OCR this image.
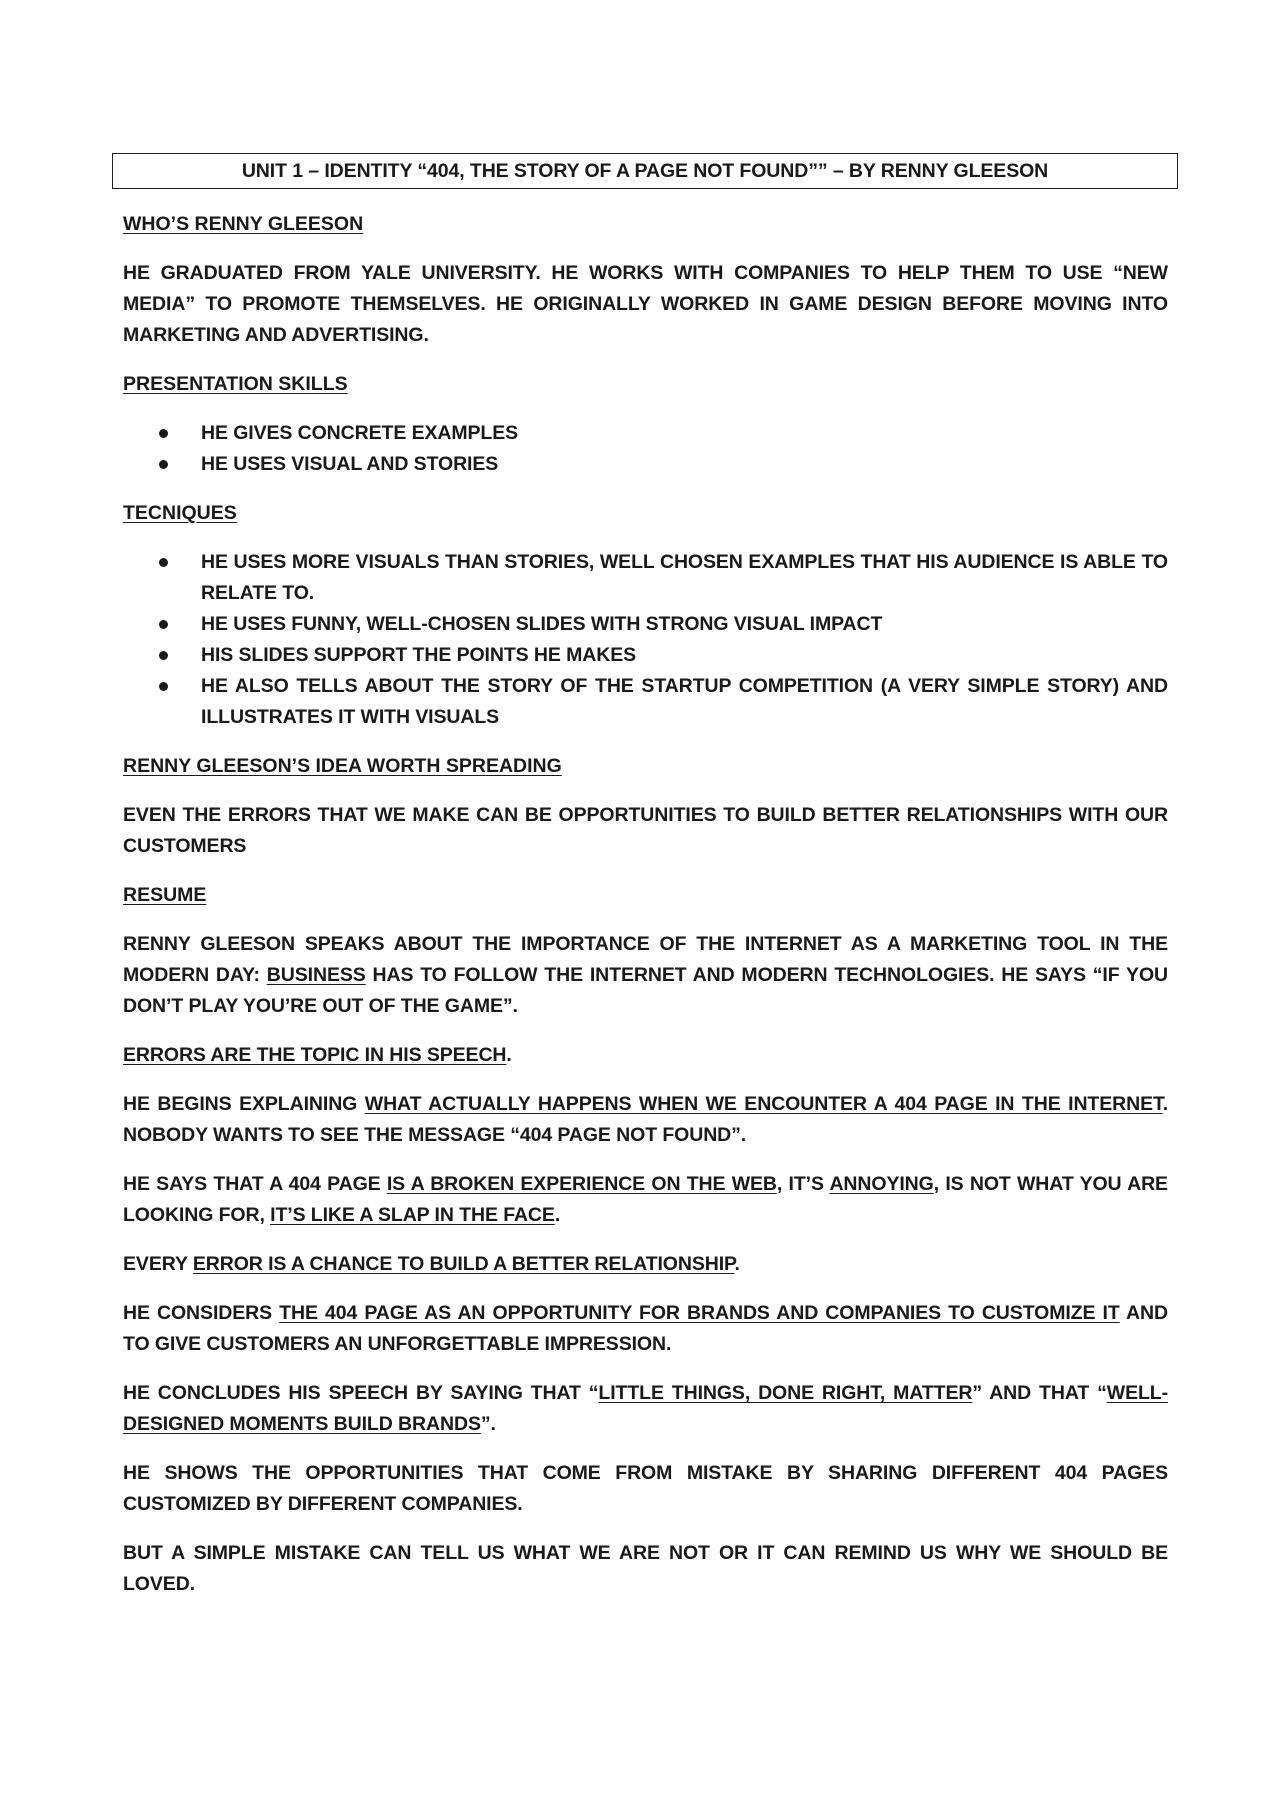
UNIT 1 – IDENTITY “404, THE STORY OF A PAGE NOT FOUND”” – BY RENNY GLEESON
WHO’S RENNY GLEESON

HE GRADUATED FROM YALE UNIVERSITY. HE WORKS WITH COMPANIES TO HELP THEM TO USE “NEW MEDIA” TO PROMOTE THEMSELVES. HE ORIGINALLY WORKED IN GAME DESIGN BEFORE MOVING INTO MARKETING AND ADVERTISING.

PRESENTATION SKILLS
HE GIVES CONCRETE EXAMPLES
HE USES VISUAL AND STORIES
TECNIQUES
HE USES MORE VISUALS THAN STORIES, WELL CHOSEN EXAMPLES THAT HIS AUDIENCE IS ABLE TO RELATE TO.
HE USES FUNNY, WELL-CHOSEN SLIDES WITH STRONG VISUAL IMPACT
HIS SLIDES SUPPORT THE POINTS HE MAKES
HE ALSO TELLS ABOUT THE STORY OF THE STARTUP COMPETITION (A VERY SIMPLE STORY) AND ILLUSTRATES IT WITH VISUALS
RENNY GLEESON’S IDEA WORTH SPREADING

EVEN THE ERRORS THAT WE MAKE CAN BE OPPORTUNITIES TO BUILD BETTER RELATIONSHIPS WITH OUR CUSTOMERS

RESUME

RENNY GLEESON SPEAKS ABOUT THE IMPORTANCE OF THE INTERNET AS A MARKETING TOOL IN THE MODERN DAY: BUSINESS HAS TO FOLLOW THE INTERNET AND MODERN TECHNOLOGIES. HE SAYS “IF YOU DON’T PLAY YOU’RE OUT OF THE GAME”.

ERRORS ARE THE TOPIC IN HIS SPEECH.

HE BEGINS EXPLAINING WHAT ACTUALLY HAPPENS WHEN WE ENCOUNTER A 404 PAGE IN THE INTERNET. NOBODY WANTS TO SEE THE MESSAGE “404 PAGE NOT FOUND”.

HE SAYS THAT A 404 PAGE IS A BROKEN EXPERIENCE ON THE WEB, IT’S ANNOYING, IS NOT WHAT YOU ARE LOOKING FOR, IT’S LIKE A SLAP IN THE FACE.

EVERY ERROR IS A CHANCE TO BUILD A BETTER RELATIONSHIP.

HE CONSIDERS THE 404 PAGE AS AN OPPORTUNITY FOR BRANDS AND COMPANIES TO CUSTOMIZE IT AND TO GIVE CUSTOMERS AN UNFORGETTABLE IMPRESSION.

HE CONCLUDES HIS SPEECH BY SAYING THAT “LITTLE THINGS, DONE RIGHT, MATTER” AND THAT “WELL-DESIGNED MOMENTS BUILD BRANDS”.

HE SHOWS THE OPPORTUNITIES THAT COME FROM MISTAKE BY SHARING DIFFERENT 404 PAGES CUSTOMIZED BY DIFFERENT COMPANIES.

BUT A SIMPLE MISTAKE CAN TELL US WHAT WE ARE NOT OR IT CAN REMIND US WHY WE SHOULD BE LOVED.
